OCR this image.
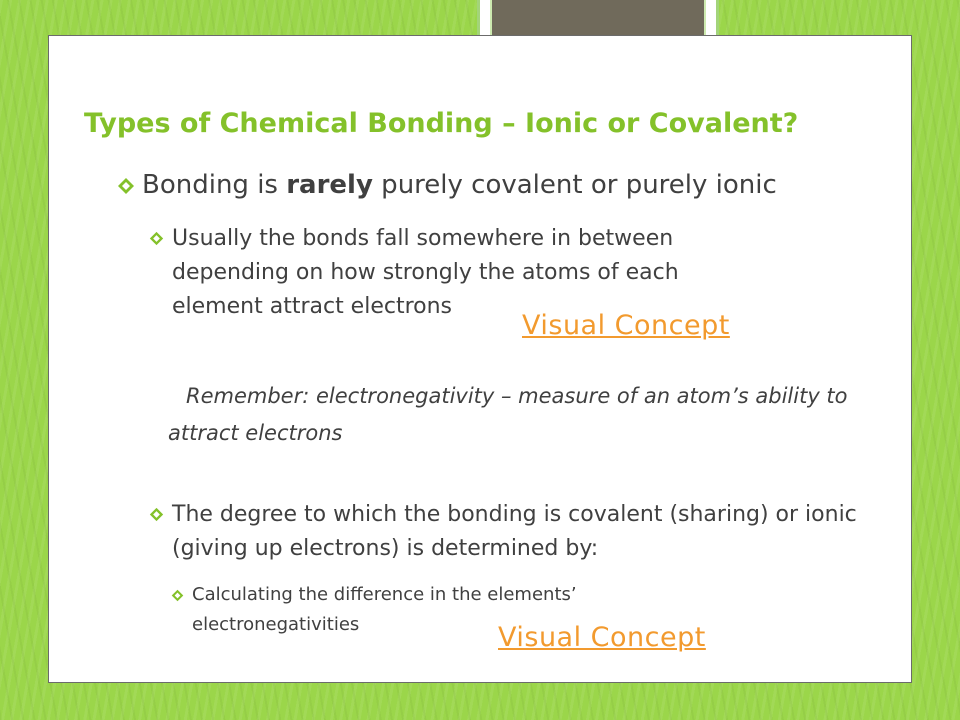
Types of Chemical Bonding – Ionic or Covalent?
Bonding is rarely purely covalent or purely ionic
Usually the bonds fall somewhere in between depending on how strongly the atoms of each element attract electrons
Visual Concept
Remember: electronegativity – measure of an atom’s ability to attract electrons
The degree to which the bonding is covalent (sharing) or ionic (giving up electrons) is determined by:
Calculating the difference in the elements’ electronegativities	Visual Concept
